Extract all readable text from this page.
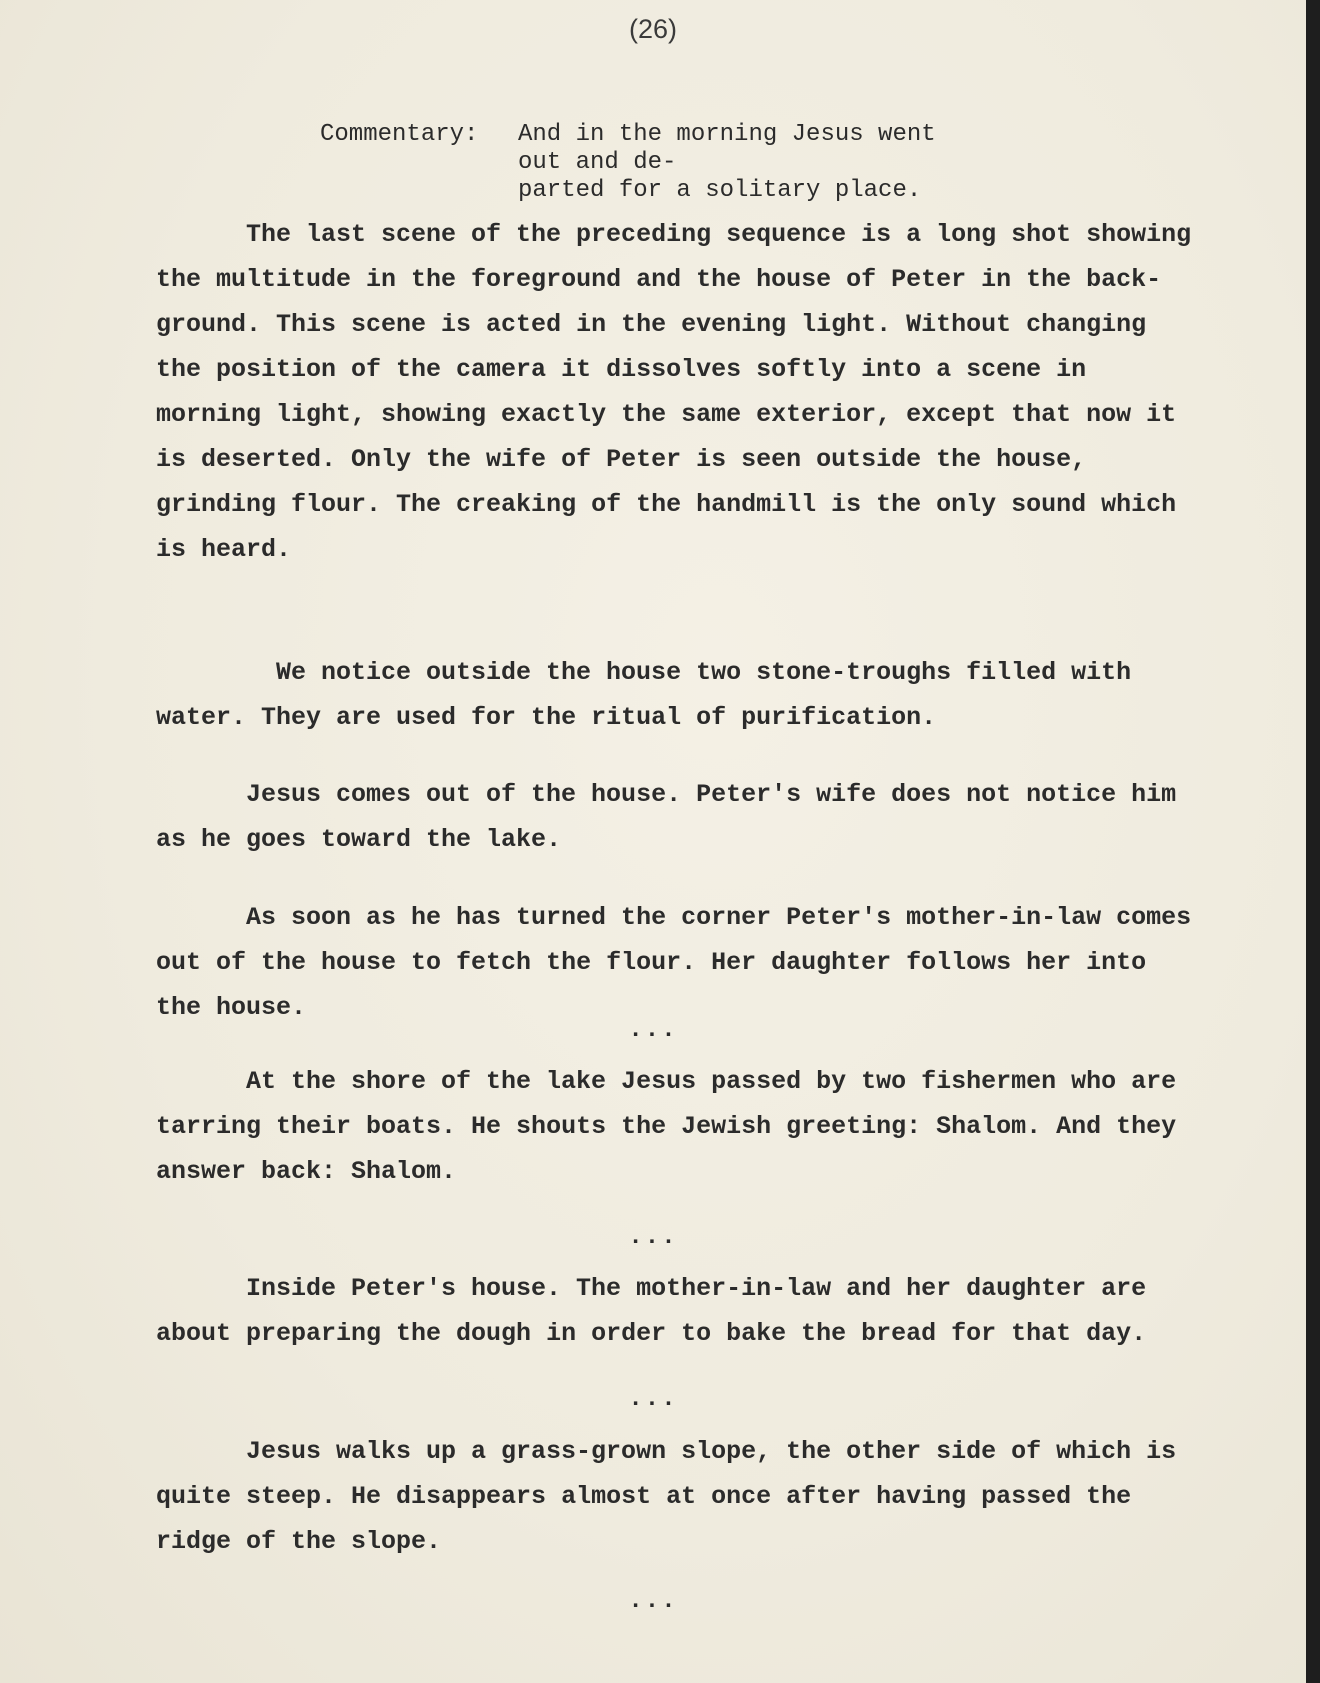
(26)
Commentary: And in the morning Jesus went out and de-
parted for a solitary place.

The last scene of the preceding sequence is a long shot showing the multitude in the foreground and the house of Peter in the back- ground. This scene is acted in the evening light. Without changing the position of the camera it dissolves softly into a scene in morning light, showing exactly the same exterior, except that now it is deserted. Only the wife of Peter is seen outside the house, grinding flour. The creaking of the handmill is the only sound which is heard.

We notice outside the house two stone-troughs filled with water. They are used for the ritual of purification.

Jesus comes out of the house. Peter's wife does not notice him as he goes toward the lake.

As soon as he has turned the corner Peter's mother-in-law comes out of the house to fetch the flour. Her daughter follows her into the house.

...

At the shore of the lake Jesus passed by two fishermen who are tarring their boats. He shouts the Jewish greeting: Shalom. And they answer back: Shalom.

...

Inside Peter's house. The mother-in-law and her daughter are about preparing the dough in order to bake the bread for that day.

...

Jesus walks up a grass-grown slope, the other side of which is quite steep. He disappears almost at once after having passed the ridge of the slope.

...
